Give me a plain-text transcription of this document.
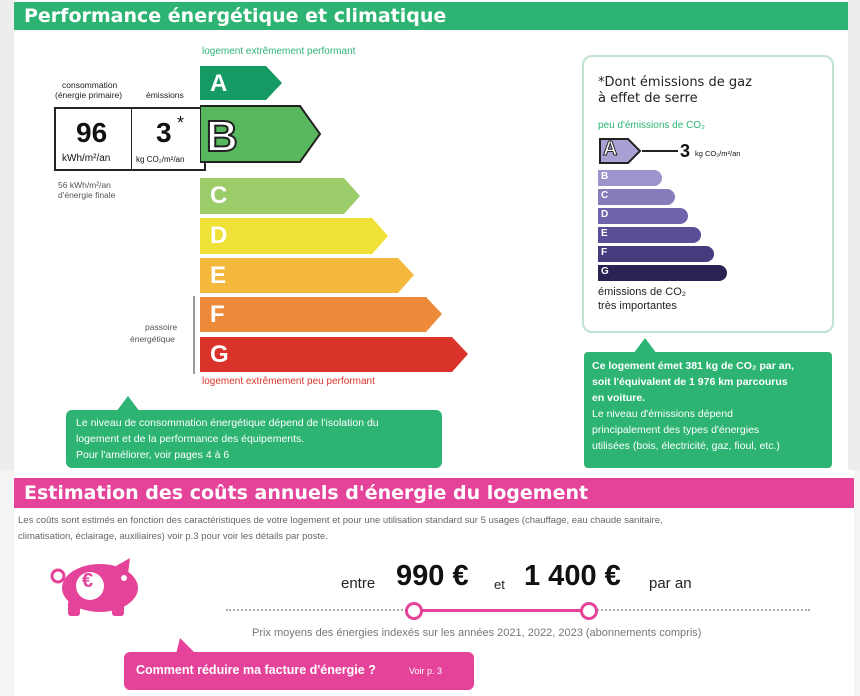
Performance énergétique et climatique
logement extrêmement performant
consommation
(énergie primaire)	émissions
96
kWh/m²/an
3 *
kg CO₂/m²/an
56 kWh/m²/an
d'énergie finale
passoire
énergétique
A
B
C
D
E
F
G
logement extrêmement peu performant
Le niveau de consommation énergétique dépend de l'isolation du
logement et de la performance des équipements.
Pour l'améliorer, voir pages 4 à 6
*Dont émissions de gaz
à effet de serre
peu d'émissions de CO₂
A	3 kg CO₂/m²/an
B
C
D
E
F
G
émissions de CO₂
très importantes
Ce logement émet 381 kg de CO₂ par an,
soit l'équivalent de 1 976 km parcourus
en voiture.
Le niveau d'émissions dépend
principalement des types d'énergies
utilisées (bois, électricité, gaz, fioul, etc.)
Estimation des coûts annuels d'énergie du logement
Les coûts sont estimés en fonction des caractéristiques de votre logement et pour une utilisation standard sur 5 usages (chauffage, eau chaude sanitaire,
climatisation, éclairage, auxiliaires) voir p.3 pour voir les détails par poste.
€	entre 990 € et 1 400 € par an
Prix moyens des énergies indexés sur les années 2021, 2022, 2023 (abonnements compris)
Comment réduire ma facture d'énergie ?	Voir p. 3
